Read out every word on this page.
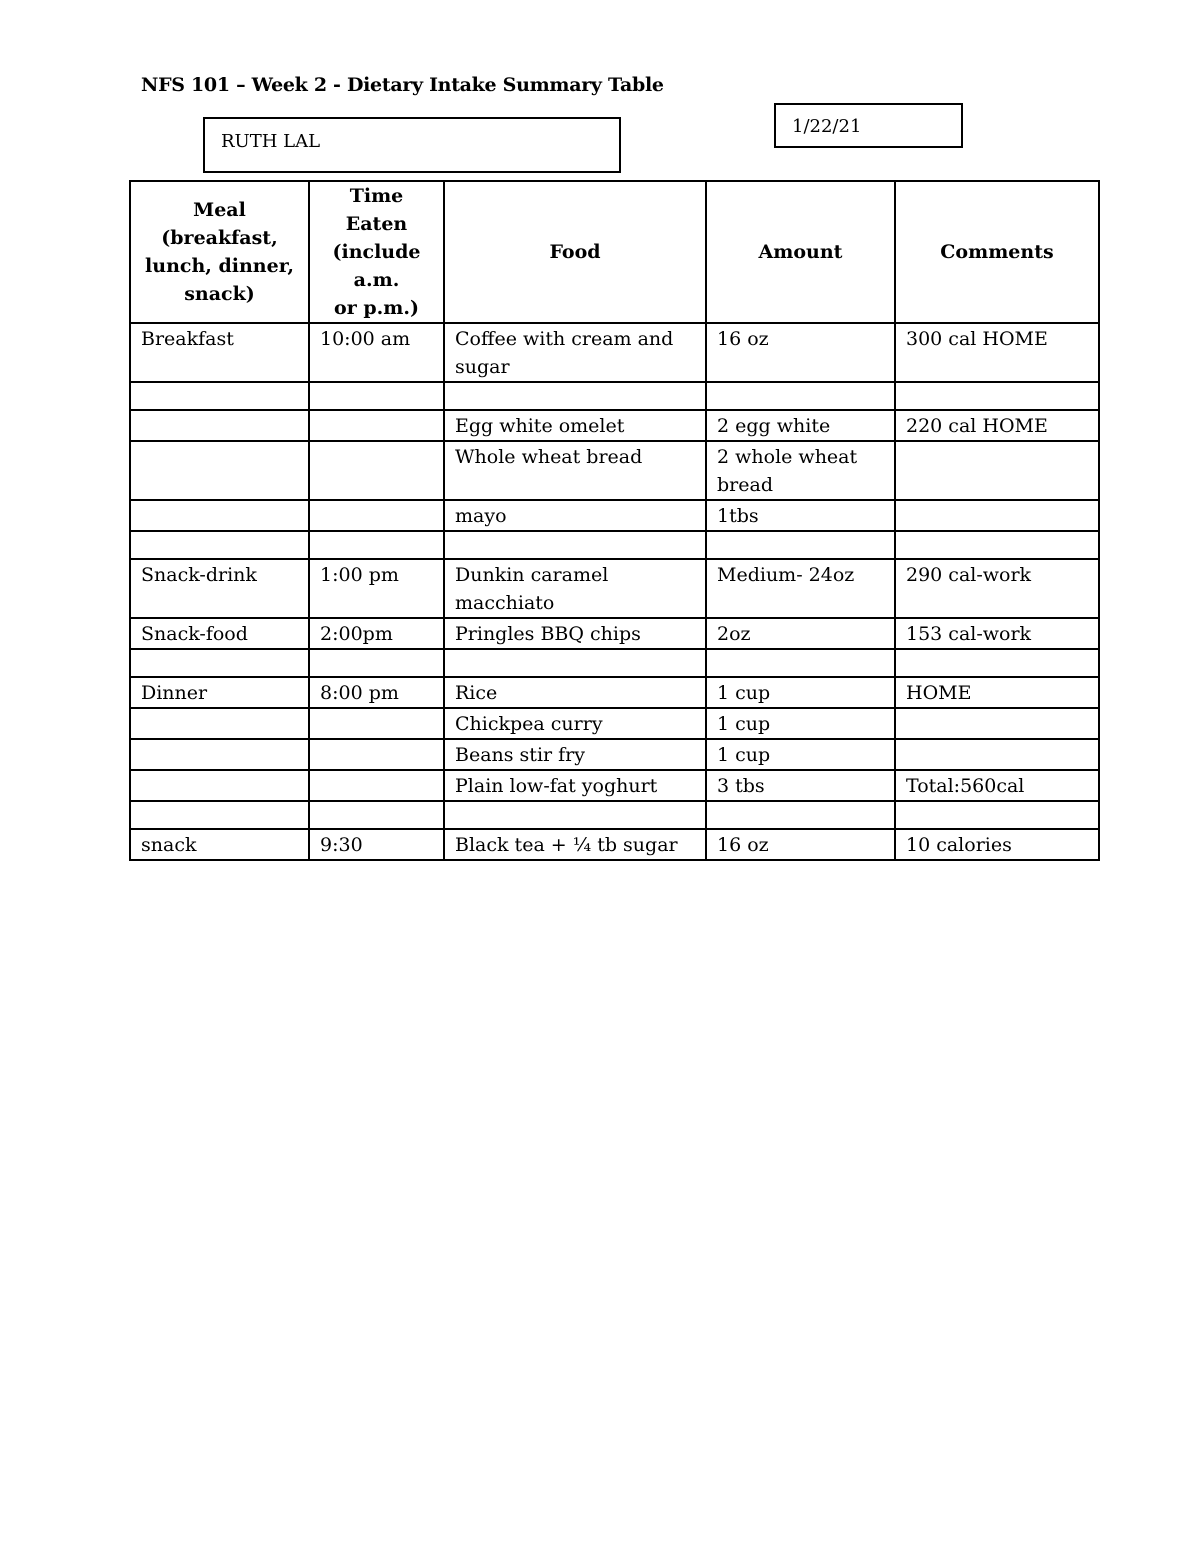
NFS 101 – Week 2 - Dietary Intake Summary Table
RUTH LAL
1/22/21
Meal
(breakfast,
lunch, dinner,
snack)	Time
Eaten
(include
a.m.
or p.m.)	Food	Amount	Comments
Breakfast	10:00 am	Coffee with cream and sugar	16 oz	300 cal HOME

		Egg white omelet	2 egg white	220 cal HOME
		Whole wheat bread	2 whole wheat bread	
		mayo	1tbs	

Snack-drink	1:00 pm	Dunkin caramel macchiato	Medium- 24oz	290 cal-work
Snack-food	2:00pm	Pringles BBQ chips	2oz	153 cal-work

Dinner	8:00 pm	Rice	1 cup	HOME
		Chickpea curry	1 cup	
		Beans stir fry	1 cup	
		Plain low-fat yoghurt	3 tbs	Total:560cal

snack	9:30	Black tea + ¼ tb sugar	16 oz	10 calories
